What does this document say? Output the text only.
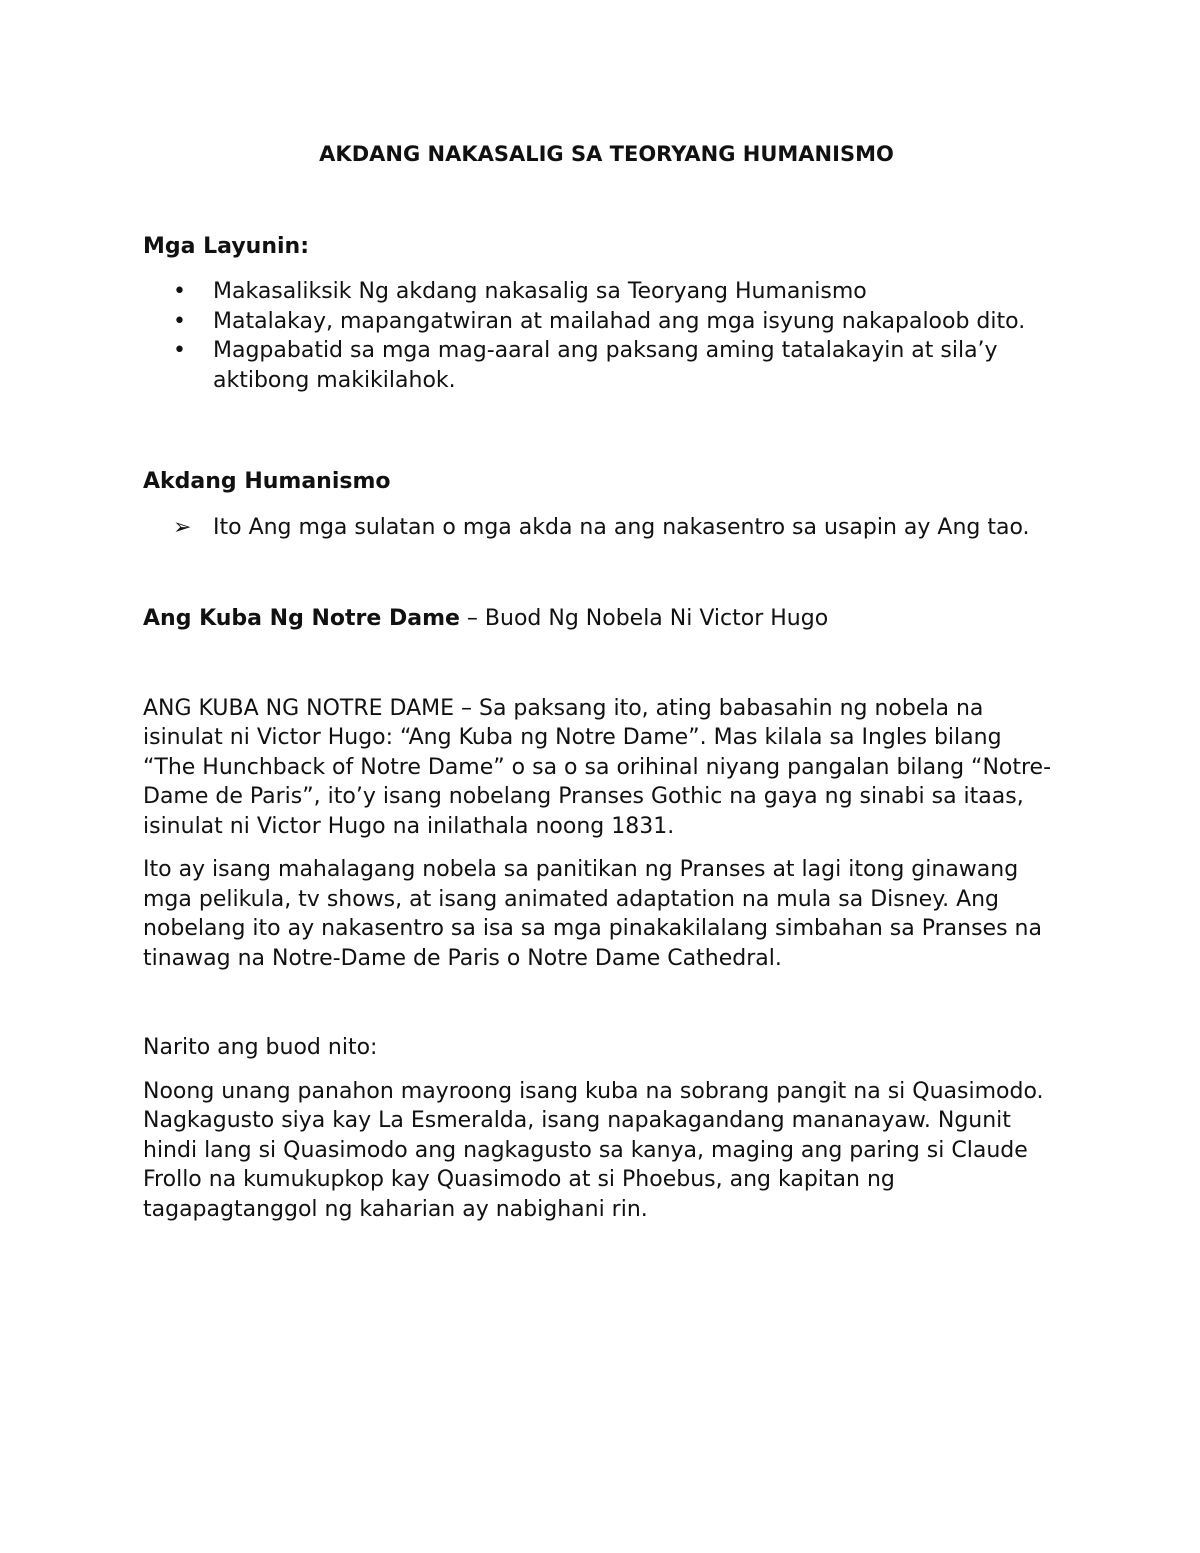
AKDANG NAKASALIG SA TEORYANG HUMANISMO
Mga Layunin:
• Makasaliksik Ng akdang nakasalig sa Teoryang Humanismo
• Matalakay, mapangatwiran at mailahad ang mga isyung nakapaloob dito.
• Magpabatid sa mga mag-aaral ang paksang aming tatalakayin at sila’y aktibong makikilahok.
Akdang Humanismo
➢ Ito Ang mga sulatan o mga akda na ang nakasentro sa usapin ay Ang tao.

Ang Kuba Ng Notre Dame – Buod Ng Nobela Ni Victor Hugo

ANG KUBA NG NOTRE DAME – Sa paksang ito, ating babasahin ng nobela na isinulat ni Victor Hugo: “Ang Kuba ng Notre Dame”. Mas kilala sa Ingles bilang “The Hunchback of Notre Dame” o sa o sa orihinal niyang pangalan bilang “Notre-Dame de Paris”, ito’y isang nobelang Pranses Gothic na gaya ng sinabi sa itaas, isinulat ni Victor Hugo na inilathala noong 1831.

Ito ay isang mahalagang nobela sa panitikan ng Pranses at lagi itong ginawang mga pelikula, tv shows, at isang animated adaptation na mula sa Disney. Ang nobelang ito ay nakasentro sa isa sa mga pinakakilalang simbahan sa Pranses na tinawag na Notre-Dame de Paris o Notre Dame Cathedral.

Narito ang buod nito:

Noong unang panahon mayroong isang kuba na sobrang pangit na si Quasimodo. Nagkagusto siya kay La Esmeralda, isang napakagandang mananayaw. Ngunit hindi lang si Quasimodo ang nagkagusto sa kanya, maging ang paring si Claude Frollo na kumukupkop kay Quasimodo at si Phoebus, ang kapitan ng tagapagtanggol ng kaharian ay nabighani rin.
